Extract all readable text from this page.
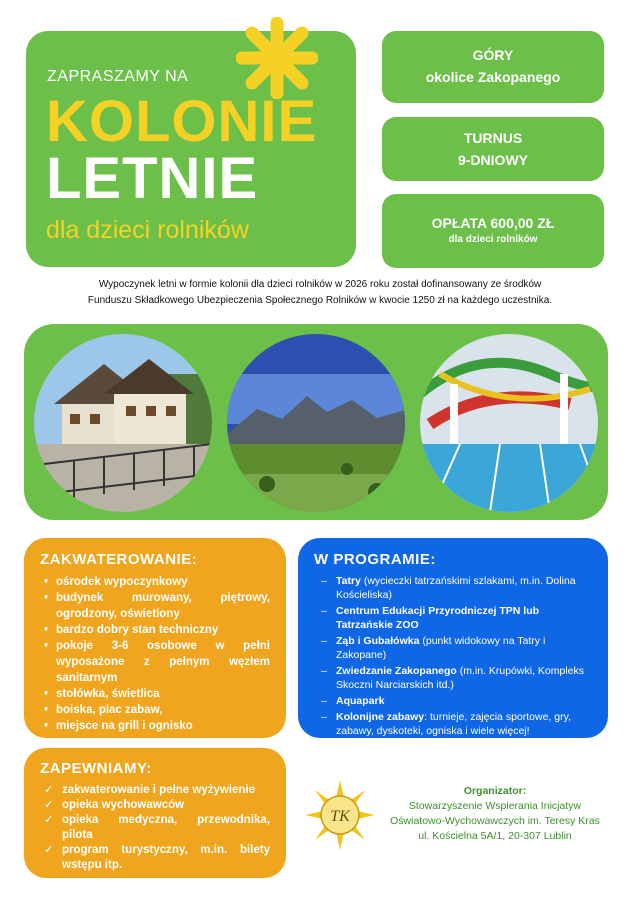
ZAPRASZAMY NA
KOLONIE
LETNIE
dla dzieci rolników
GÓRY
okolice Zakopanego
TURNUS
9-DNIOWY
OPŁATA 600,00 ZŁ
dla dzieci rolników
Wypoczynek letni w formie kolonii dla dzieci rolników w 2026 roku został dofinansowany ze środków
Funduszu Składkowego Ubezpieczenia Społecznego Rolników w kwocie 1250 zł na każdego uczestnika.
ZAKWATEROWANIE:
• ośrodek wypoczynkowy
• budynek murowany, piętrowy, ogrodzony, oświetlony
• bardzo dobry stan techniczny
• pokoje 3-6 osobowe w pełni wyposażone z pełnym węzłem sanitarnym
• stołówka, świetlica
• boiska, plac zabaw,
• miejsce na grill i ognisko
W PROGRAMIE:
– Tatry (wycieczki tatrzańskimi szlakami, m.in. Dolina Kościeliska)
– Centrum Edukacji Przyrodniczej TPN lub Tatrzańskie ZOO
– Ząb i Gubałówka (punkt widokowy na Tatry i Zakopane)
– Zwiedzanie Zakopanego (m.in. Krupówki, Kompleks Skoczni Narciarskich itd.)
– Aquapark
– Kolonijne zabawy: turnieje, zajęcia sportowe, gry, zabawy, dyskoteki, ogniska i wiele więcej!
ZAPEWNIAMY:
✓ zakwaterowanie i pełne wyżywienie
✓ opieka wychowawców
✓ opieka medyczna, przewodnika, pilota
✓ program turystyczny, m.in. bilety wstępu itp.
TK
Organizator:
Stowarzyszenie Wspierania Inicjatyw
Oświatowo-Wychowawczych im. Teresy Kras
ul. Kościelna 5A/1, 20-307 Lublin
